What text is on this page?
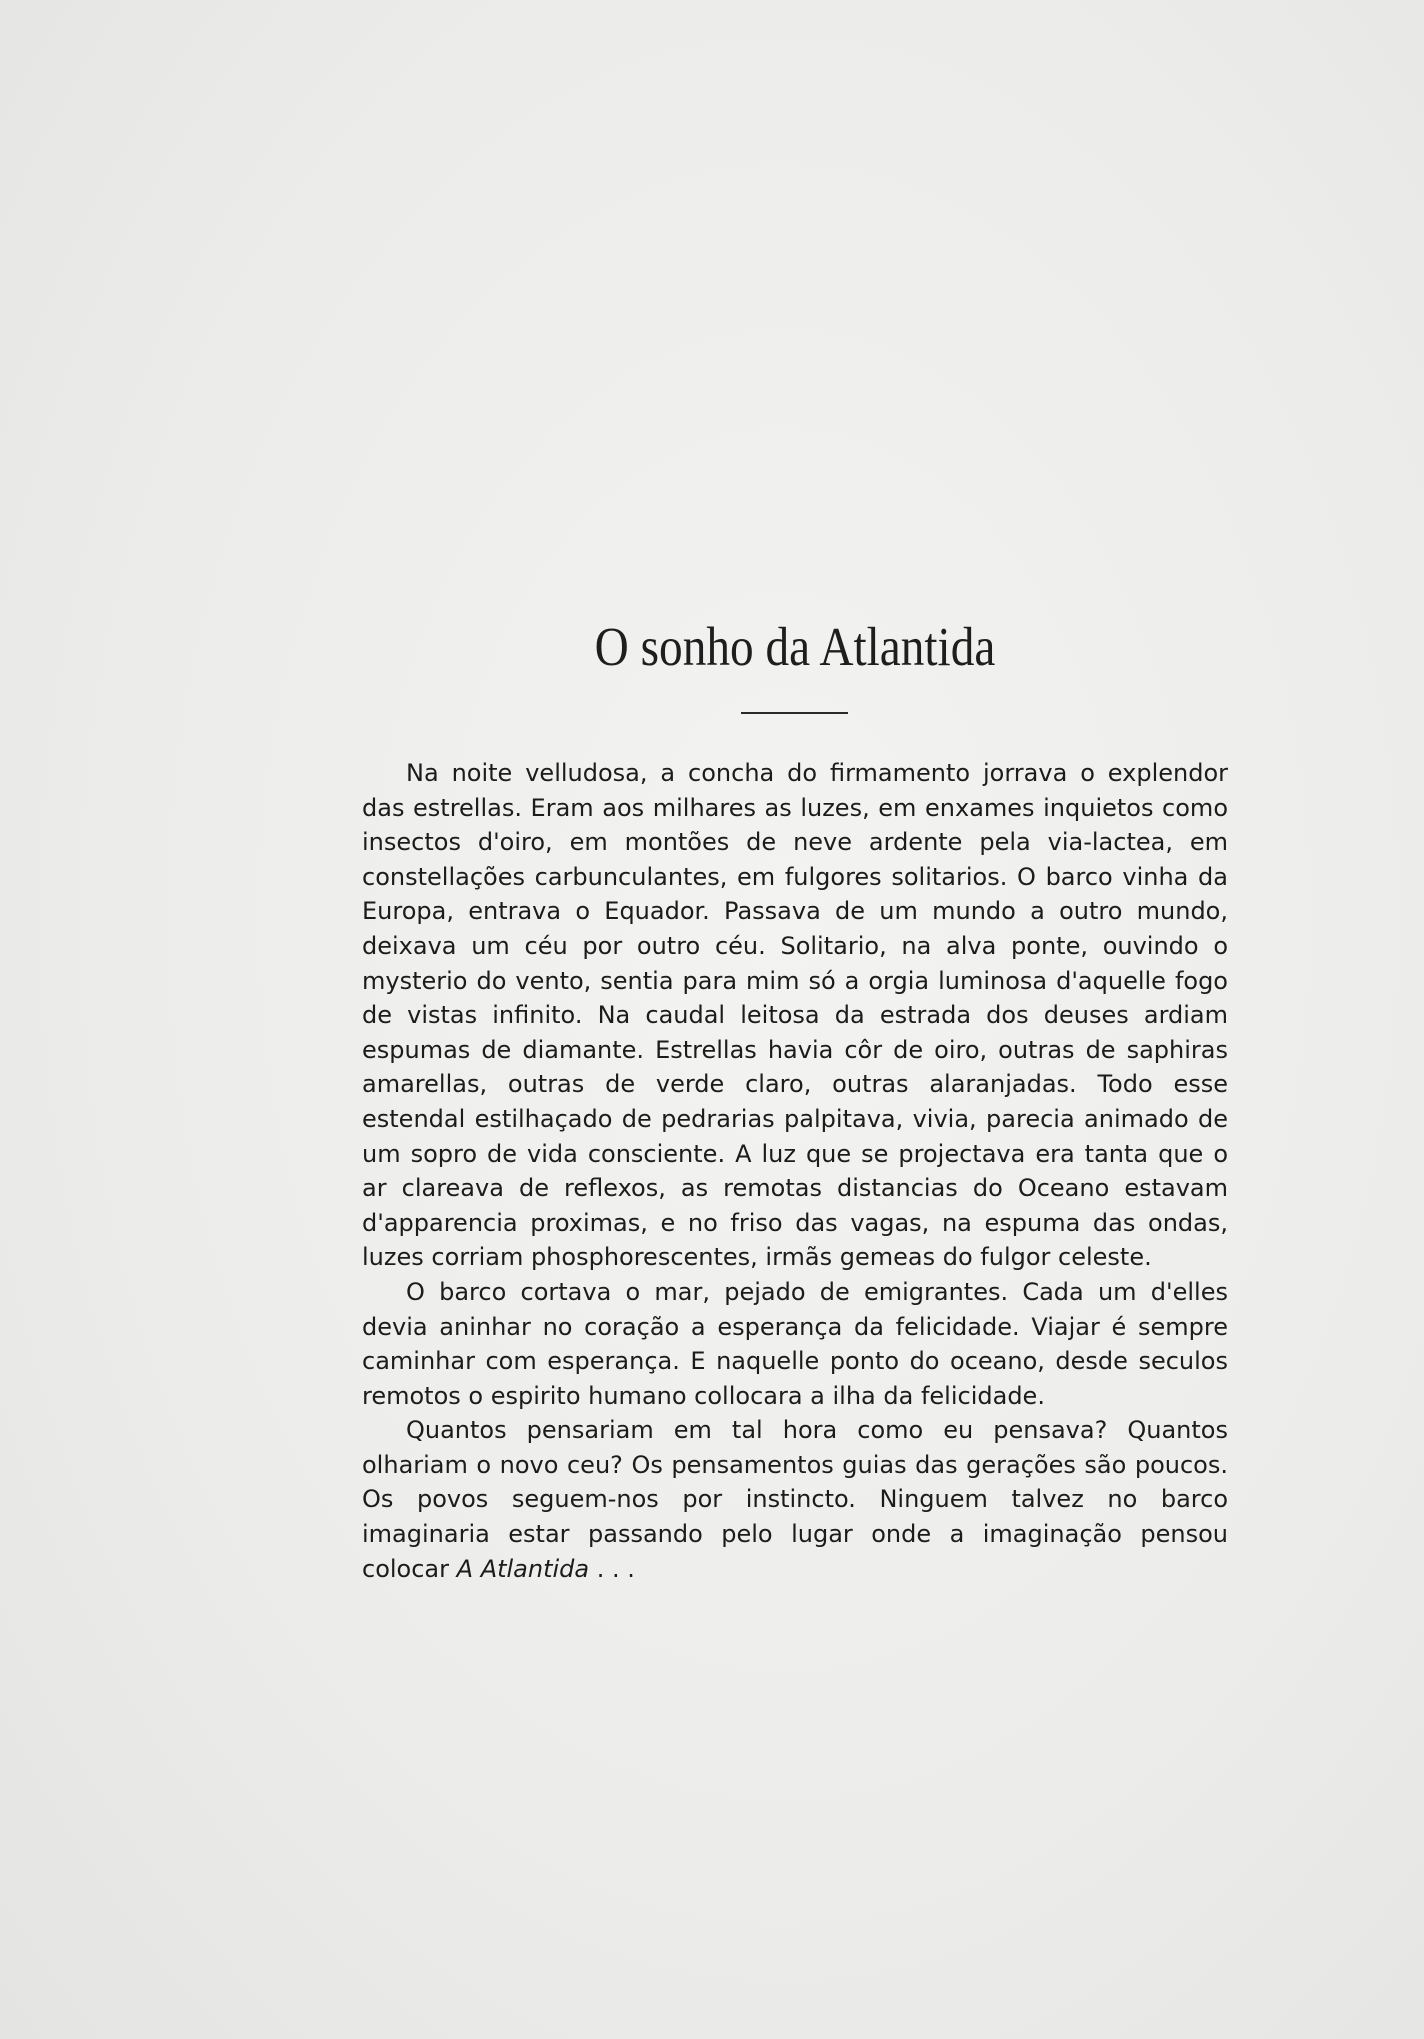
O sonho da Atlantida

Na noite velludosa, a concha do firmamento jorrava o explendor das estrellas. Eram aos milhares as luzes, em enxames inquietos como insectos d'oiro, em montões de neve ardente pela via-lactea, em constellações carbunculantes, em fulgores solitarios. O barco vinha da Europa, entrava o Equador. Passava de um mundo a outro mundo, deixava um céu por outro céu. Solitario, na alva ponte, ouvindo o mysterio do vento, sentia para mim só a orgia luminosa d'aquelle fogo de vistas infinito. Na caudal leitosa da estrada dos deuses ardiam espumas de diamante. Estrellas havia côr de oiro, outras de saphiras amarellas, outras de verde claro, outras alaranjadas. Todo esse estendal estilhaçado de pedrarias palpitava, vivia, parecia animado de um sopro de vida consciente. A luz que se projectava era tanta que o ar clareava de reflexos, as remotas distancias do Oceano estavam d'apparencia proximas, e no friso das vagas, na espuma das ondas, luzes corriam phosphorescentes, irmãs gemeas do fulgor celeste.

O barco cortava o mar, pejado de emigrantes. Cada um d'elles devia aninhar no coração a esperança da felicidade. Viajar é sempre caminhar com esperança. E naquelle ponto do oceano, desde seculos remotos o espirito humano collocara a ilha da felicidade.

Quantos pensariam em tal hora como eu pensava? Quantos olhariam o novo ceu? Os pensamentos guias das gerações são poucos. Os povos seguem-nos por instincto. Ninguem talvez no barco imaginaria estar passando pelo lugar onde a imaginação pensou colocar A Atlantida . . .
